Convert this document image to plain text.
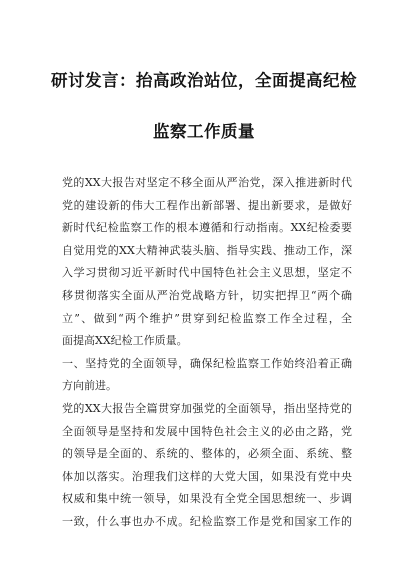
研讨发言：抬高政治站位，全面提高纪检
监察工作质量
党的XX大报告对坚定不移全面从严治党，深入推进新时代
党的建设新的伟大工程作出新部署、提出新要求，是做好
新时代纪检监察工作的根本遵循和行动指南。XX纪检委要
自觉用党的XX大精神武装头脑、指导实践、推动工作，深
入学习贯彻习近平新时代中国特色社会主义思想，坚定不
移贯彻落实全面从严治党战略方针，切实把捍卫“两个确
立”、做到“两个维护”贯穿到纪检监察工作全过程，全
面提高XX纪检工作质量。
一、坚持党的全面领导，确保纪检监察工作始终沿着正确
方向前进。
党的XX大报告全篇贯穿加强党的全面领导，指出坚持党的
全面领导是坚持和发展中国特色社会主义的必由之路，党
的领导是全面的、系统的、整体的，必须全面、系统、整
体加以落实。治理我们这样的大党大国，如果没有党中央
权威和集中统一领导，如果没有全党全国思想统一、步调
一致，什么事也办不成。纪检监察工作是党和国家工作的
